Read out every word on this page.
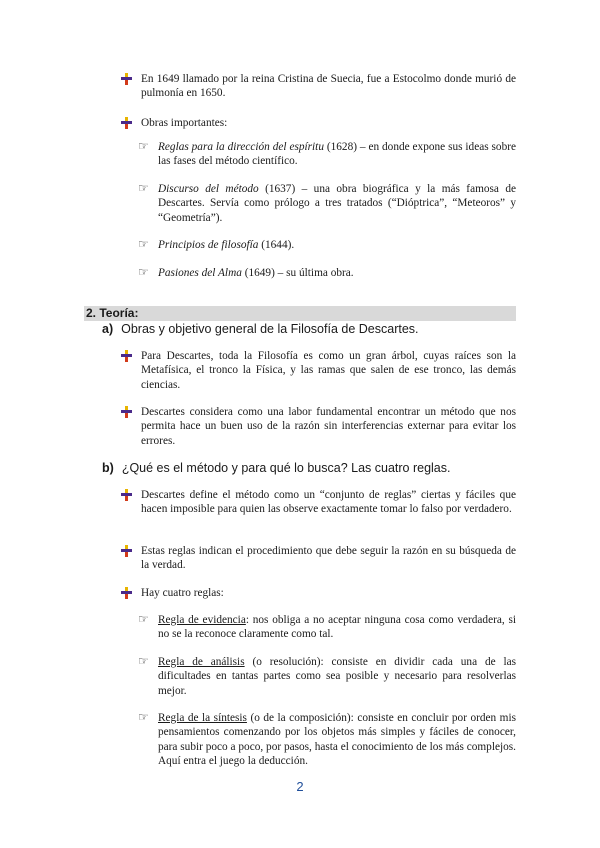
En 1649 llamado por la reina Cristina de Suecia, fue a Estocolmo donde murió de pulmonía en 1650.
Obras importantes:
☞ Reglas para la dirección del espíritu (1628) – en donde expone sus ideas sobre las fases del método científico.
☞ Discurso del método (1637) – una obra biográfica y la más famosa de Descartes. Servía como prólogo a tres tratados (“Dióptrica”, “Meteoros” y “Geometría”).
☞ Principios de filosofía (1644).
☞ Pasiones del Alma (1649) – su última obra.
2. Teoría:
a) Obras y objetivo general de la Filosofía de Descartes.
Para Descartes, toda la Filosofía es como un gran árbol, cuyas raíces son la Metafísica, el tronco la Física, y las ramas que salen de ese tronco, las demás ciencias.
Descartes considera como una labor fundamental encontrar un método que nos permita hace un buen uso de la razón sin interferencias externar para evitar los errores.
b) ¿Qué es el método y para qué lo busca? Las cuatro reglas.
Descartes define el método como un “conjunto de reglas” ciertas y fáciles que hacen imposible para quien las observe exactamente tomar lo falso por verdadero.
Estas reglas indican el procedimiento que debe seguir la razón en su búsqueda de la verdad.
Hay cuatro reglas:
☞ Regla de evidencia: nos obliga a no aceptar ninguna cosa como verdadera, si no se la reconoce claramente como tal.
☞ Regla de análisis (o resolución): consiste en dividir cada una de las dificultades en tantas partes como sea posible y necesario para resolverlas mejor.
☞ Regla de la síntesis (o de la composición): consiste en concluir por orden mis pensamientos comenzando por los objetos más simples y fáciles de conocer, para subir poco a poco, por pasos, hasta el conocimiento de los más complejos. Aquí entra el juego la deducción.
2
